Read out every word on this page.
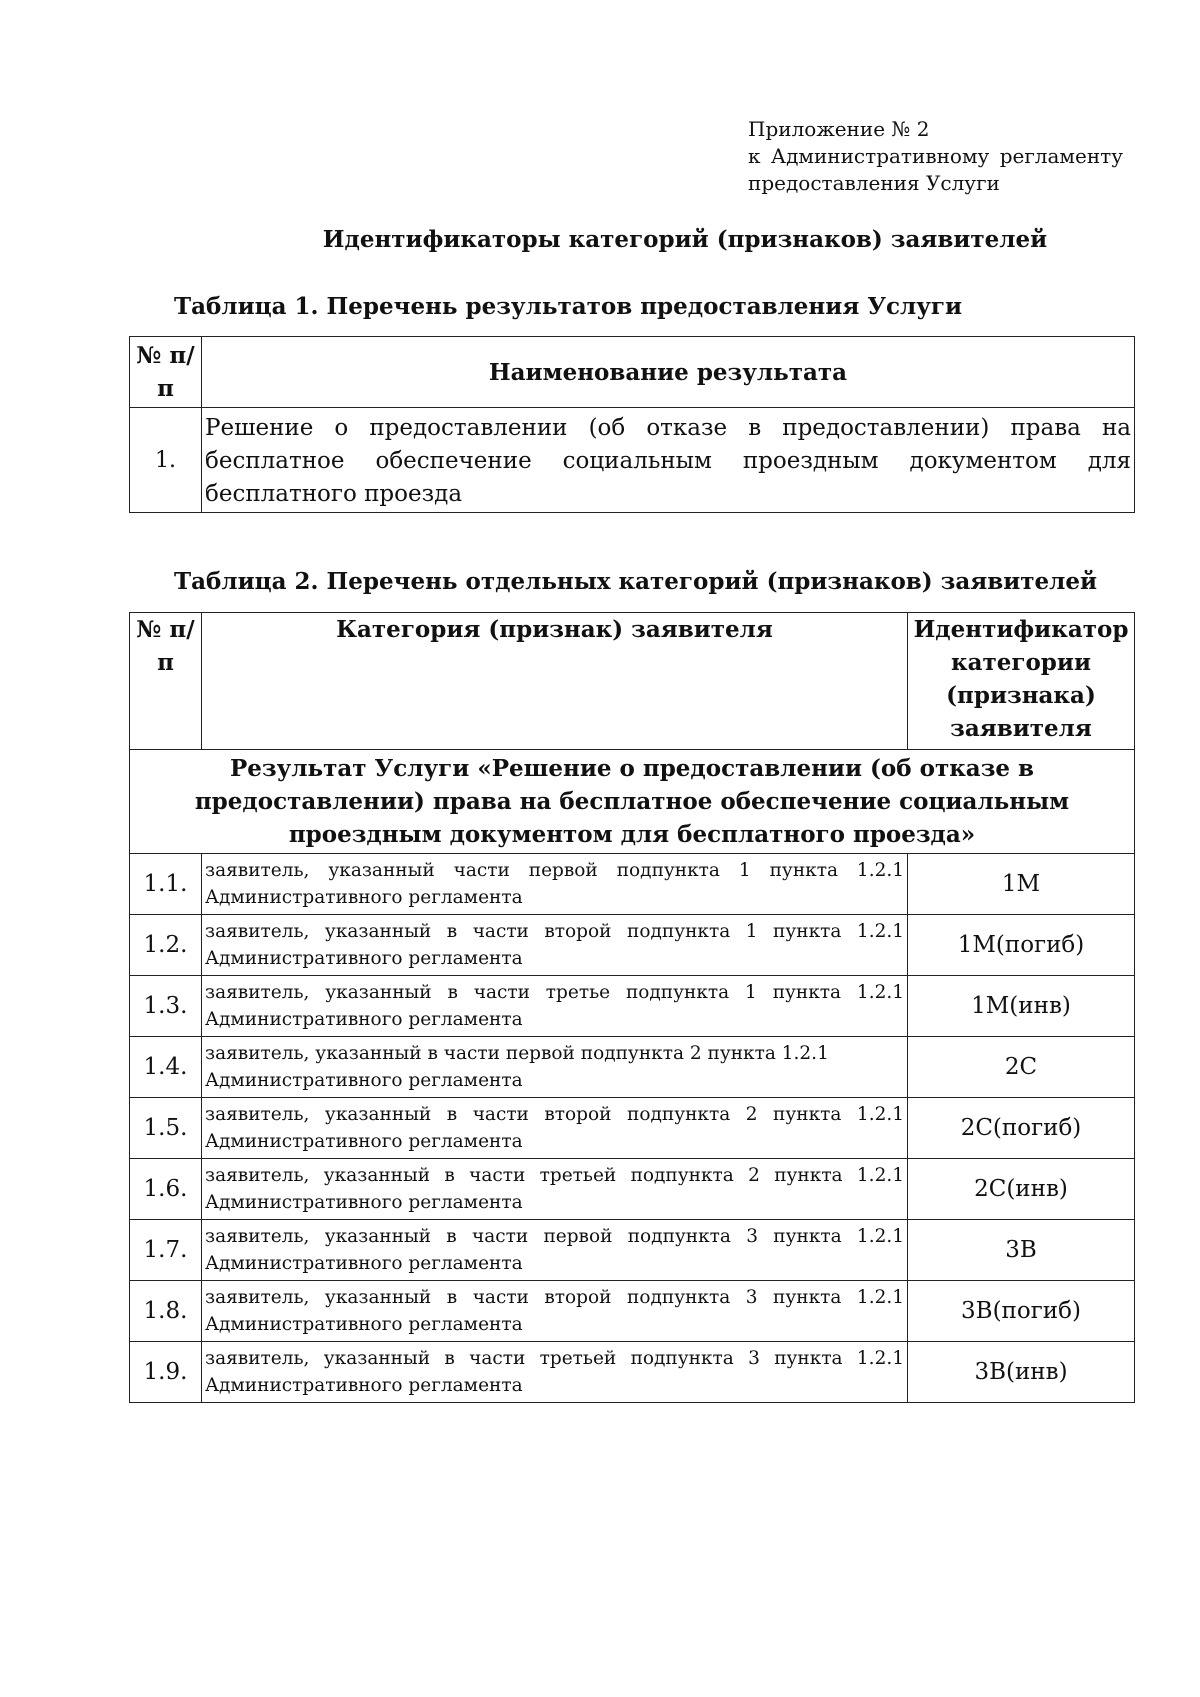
Приложение № 2
к Административному регламенту
предоставления Услуги
Идентификаторы категорий (признаков) заявителей
Таблица 1. Перечень результатов предоставления Услуги
№ п/п	Наименование результата
1.	Решение о предоставлении (об отказе в предоставлении) права на бесплатное обеспечение социальным проездным документом для бесплатного проезда
Таблица 2. Перечень отдельных категорий (признаков) заявителей
№ п/п	Категория (признак) заявителя	Идентификатор категории (признака) заявителя
Результат Услуги «Решение о предоставлении (об отказе в предоставлении) права на бесплатное обеспечение социальным проездным документом для бесплатного проезда»		
1.1.	заявитель, указанный части первой подпункта 1 пункта 1.2.1 Административного регламента	1М
1.2.	заявитель, указанный в части второй подпункта 1 пункта 1.2.1 Административного регламента	1М(погиб)
1.3.	заявитель, указанный в части третье подпункта 1 пункта 1.2.1 Административного регламента	1М(инв)
1.4.	заявитель, указанный в части первой подпункта 2 пункта 1.2.1 Административного регламента	2С
1.5.	заявитель, указанный в части второй подпункта 2 пункта 1.2.1 Административного регламента	2С(погиб)
1.6.	заявитель, указанный в части третьей подпункта 2 пункта 1.2.1 Административного регламента	2С(инв)
1.7.	заявитель, указанный в части первой подпункта 3 пункта 1.2.1 Административного регламента	3В
1.8.	заявитель, указанный в части второй подпункта 3 пункта 1.2.1 Административного регламента	3В(погиб)
1.9.	заявитель, указанный в части третьей подпункта 3 пункта 1.2.1 Административного регламента	3В(инв)
